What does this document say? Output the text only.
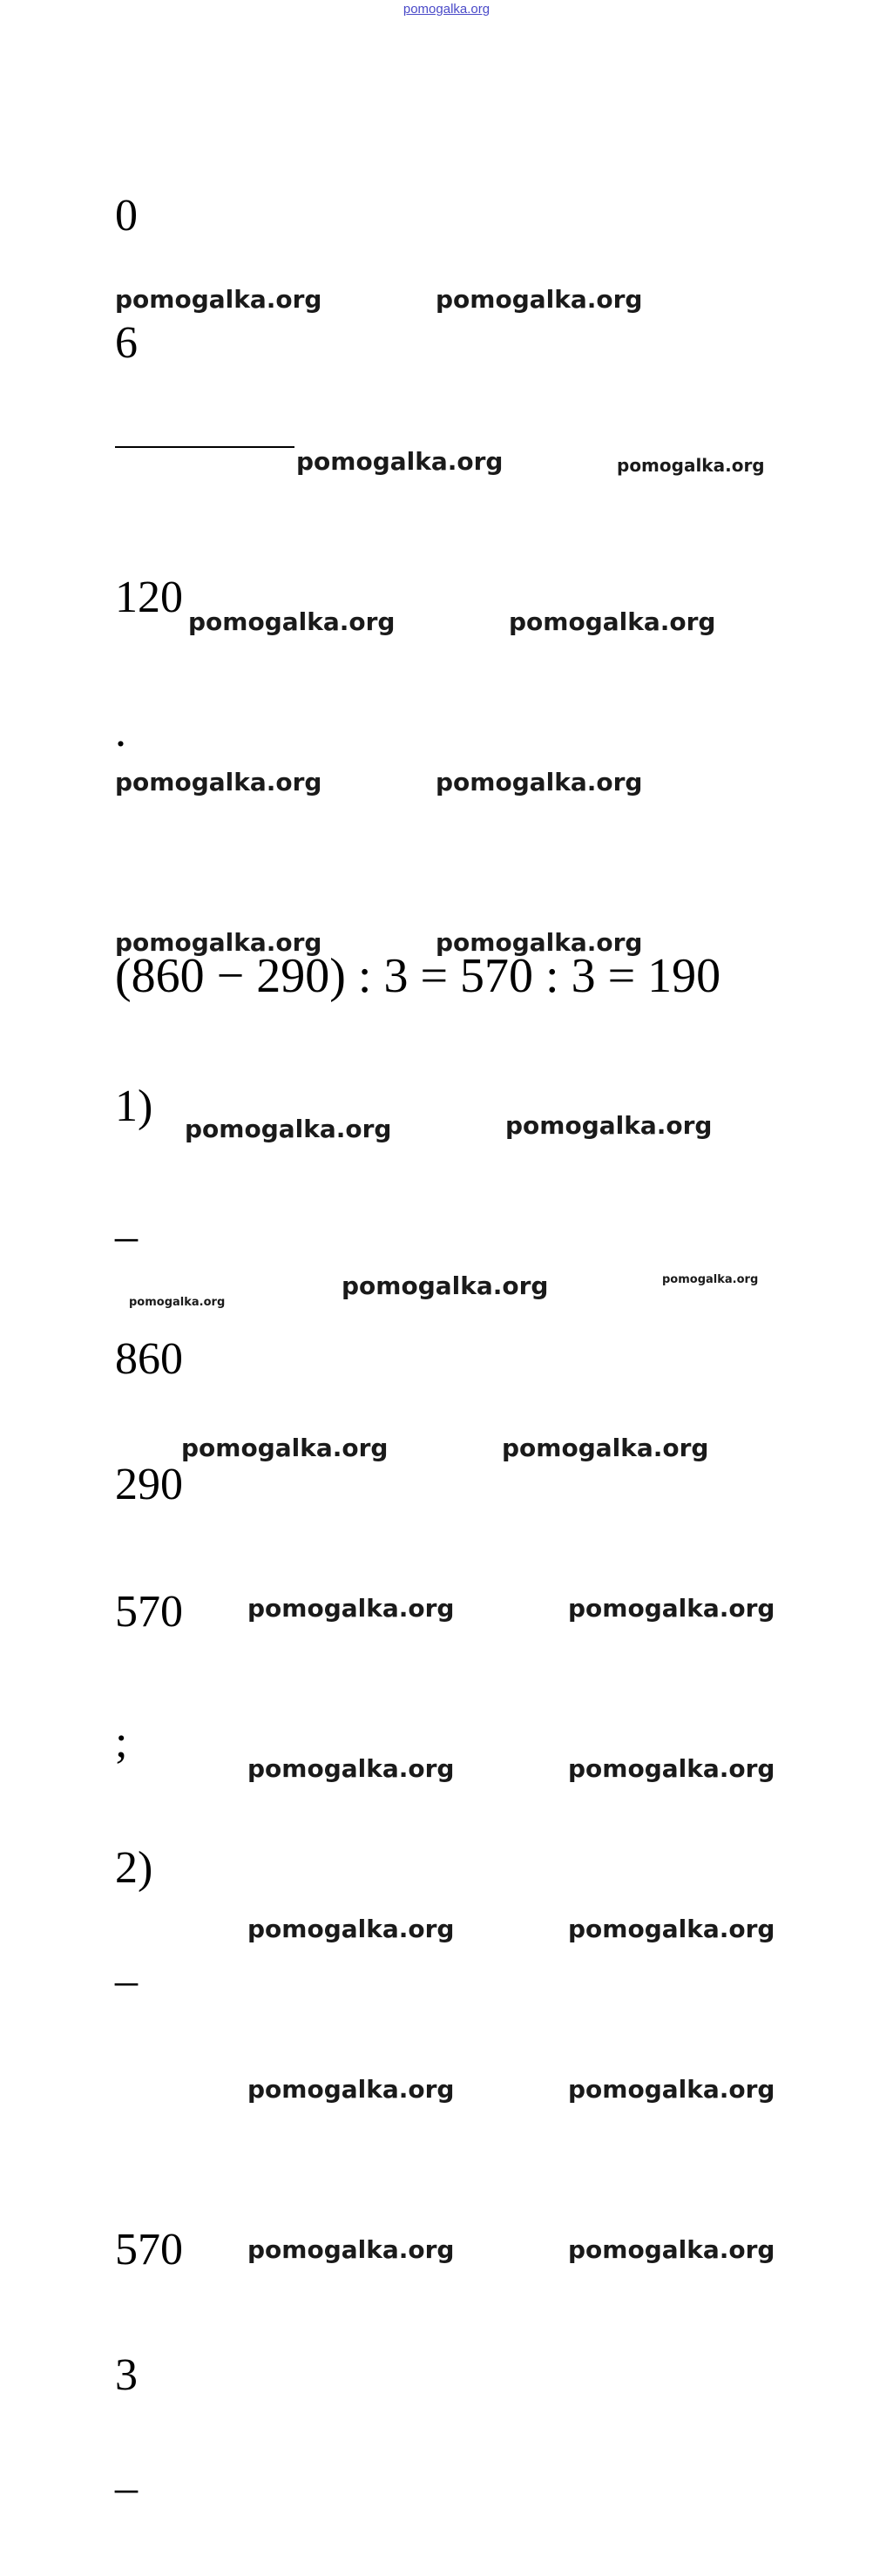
pomogalka.org
0
6
120
.
(860 − 290) : 3 = 570 : 3 = 190
1)
_
860
290
570
;
2)
_
570
3
_
pomogalka.org	pomogalka.org
pomogalka.org	pomogalka.org
pomogalka.org	pomogalka.org
pomogalka.org	pomogalka.org
pomogalka.org	pomogalka.org
pomogalka.org	pomogalka.org
pomogalka.org
pomogalka.org	pomogalka.org
pomogalka.org	pomogalka.org
pomogalka.org	pomogalka.org
pomogalka.org	pomogalka.org
pomogalka.org	pomogalka.org
pomogalka.org	pomogalka.org
pomogalka.org	pomogalka.org
